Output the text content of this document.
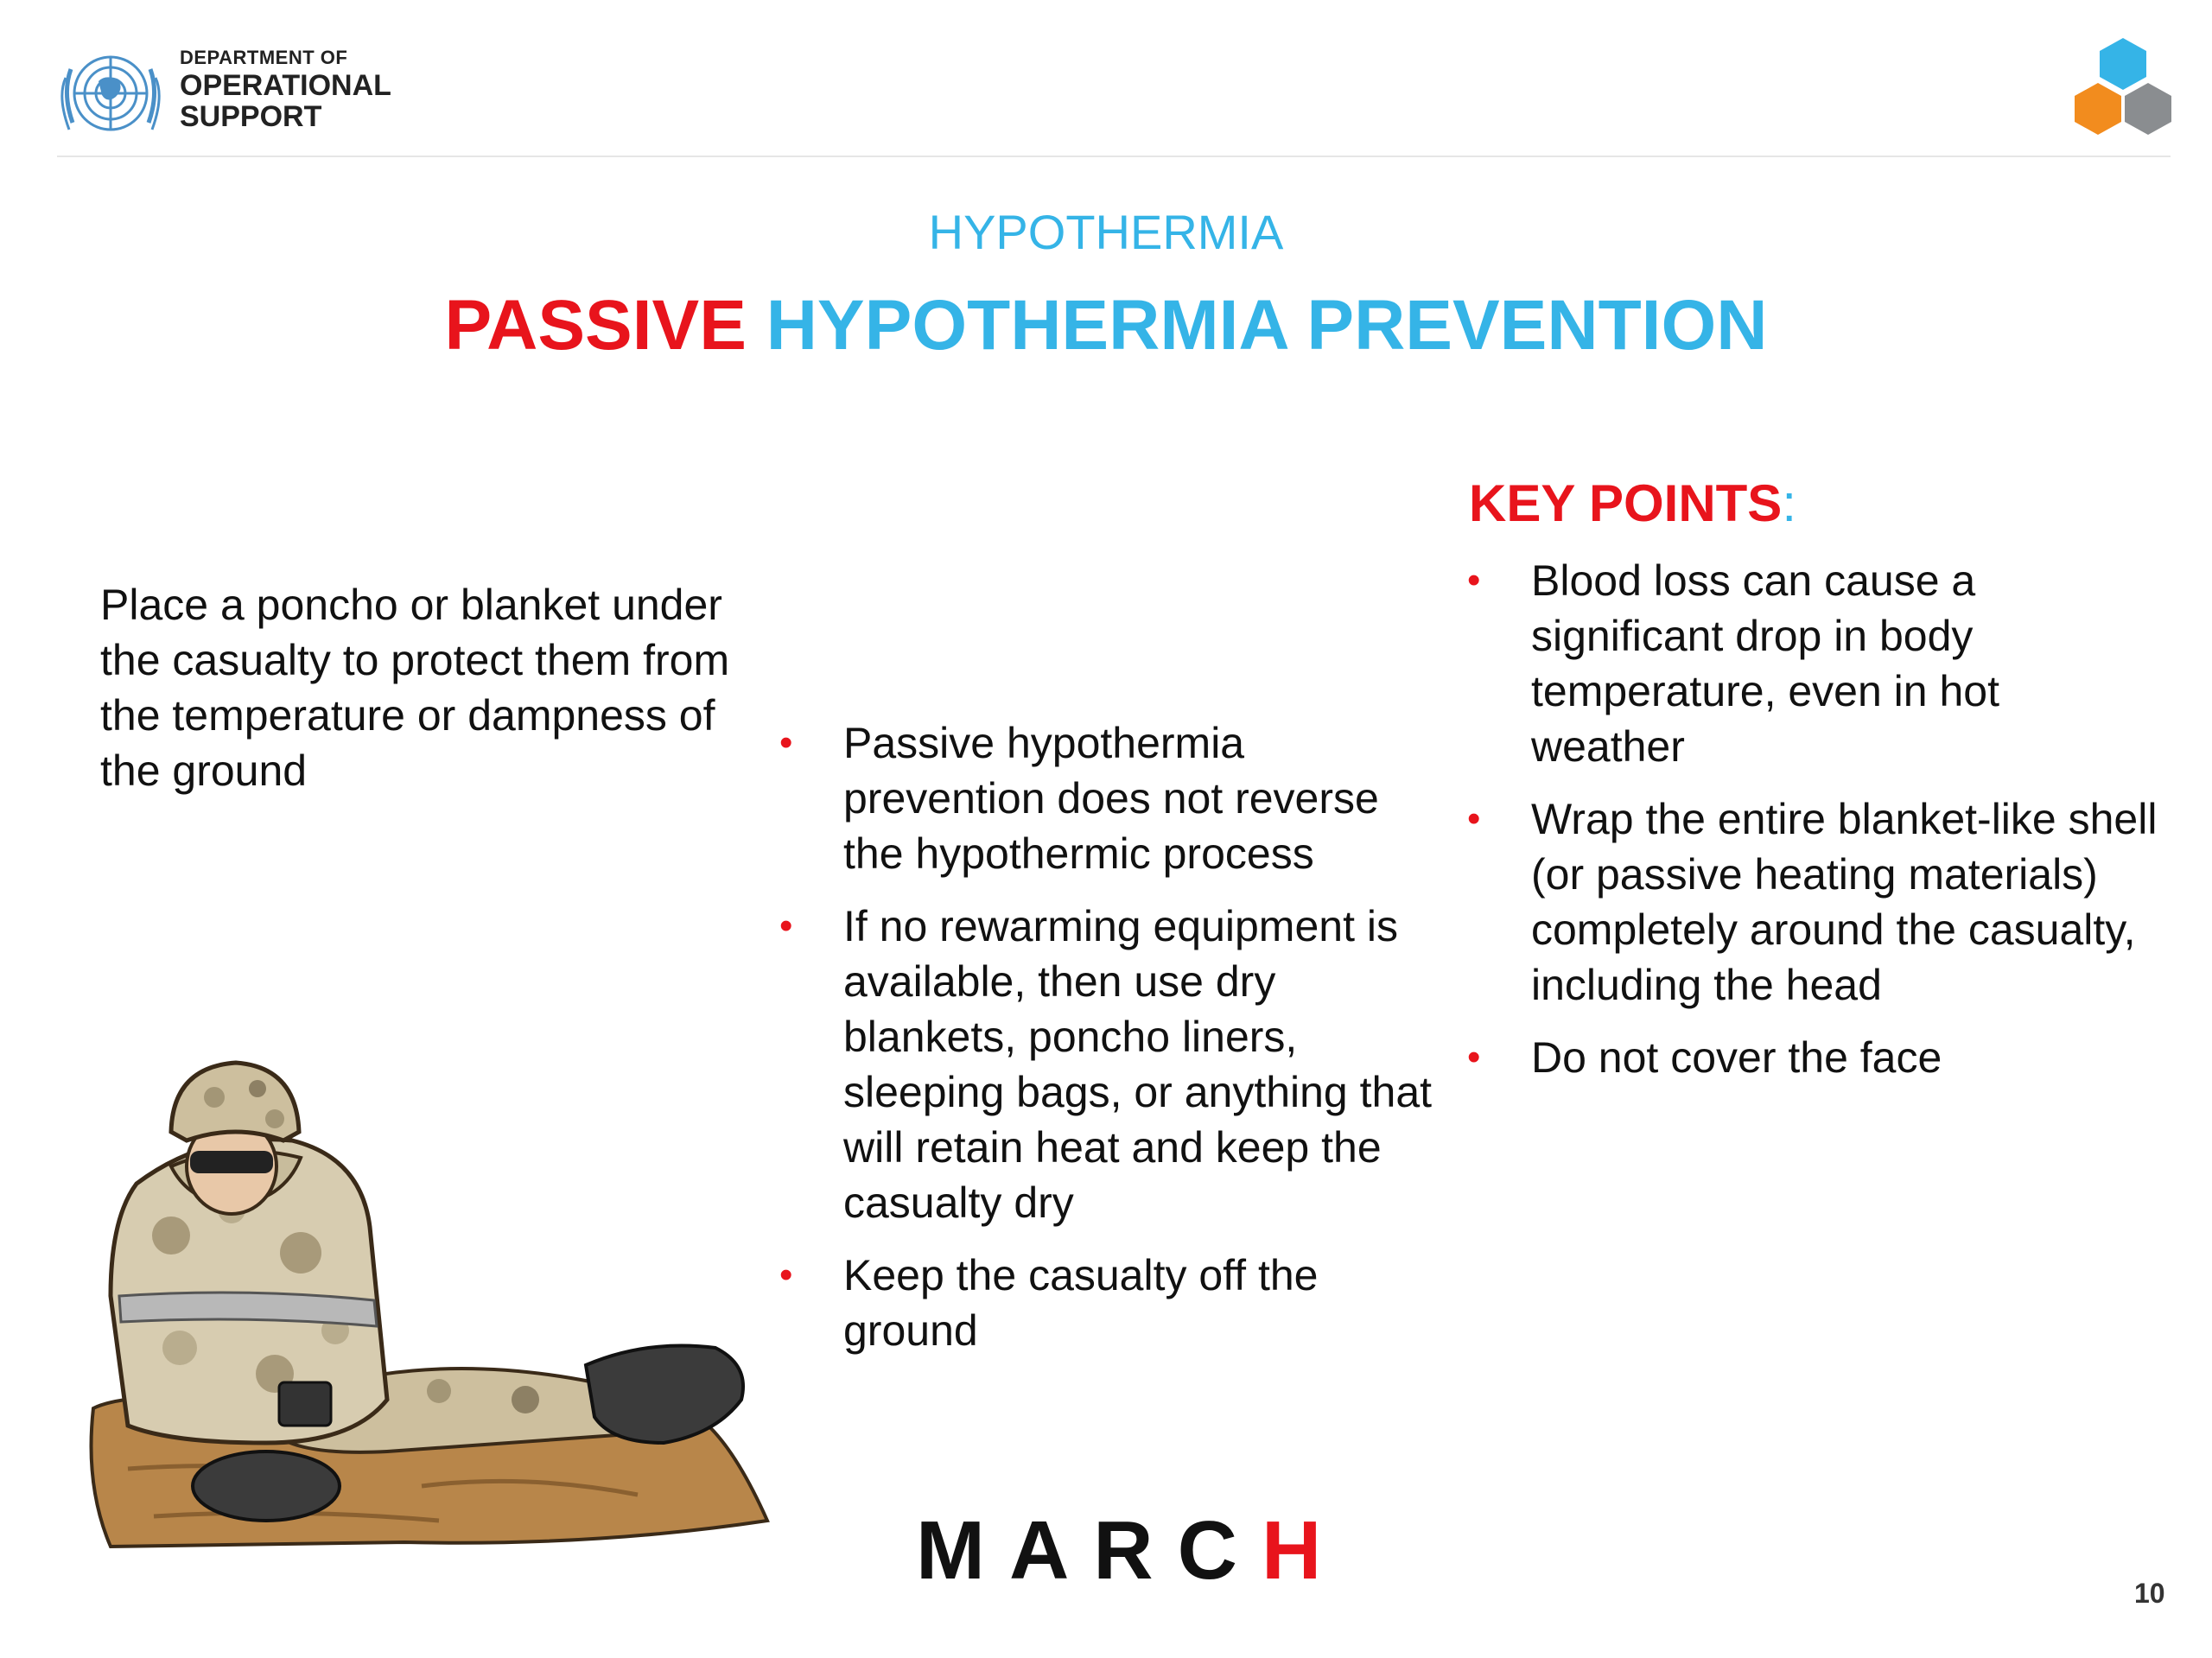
DEPARTMENT OF
OPERATIONAL
SUPPORT
HYPOTHERMIA
PASSIVE HYPOTHERMIA PREVENTION
Place a poncho or blanket under the casualty to protect them from the temperature or dampness of the ground
• Passive hypothermia prevention does not reverse the hypothermic process
• If no rewarming equipment is available, then use dry blankets, poncho liners, sleeping bags, or anything that will retain heat and keep the casualty dry
• Keep the casualty off the ground
KEY POINTS:
• Blood loss can cause a significant drop in body temperature, even in hot weather
• Wrap the entire blanket-like shell (or passive heating materials) completely around the casualty, including the head
• Do not cover the face
MARCH	10
